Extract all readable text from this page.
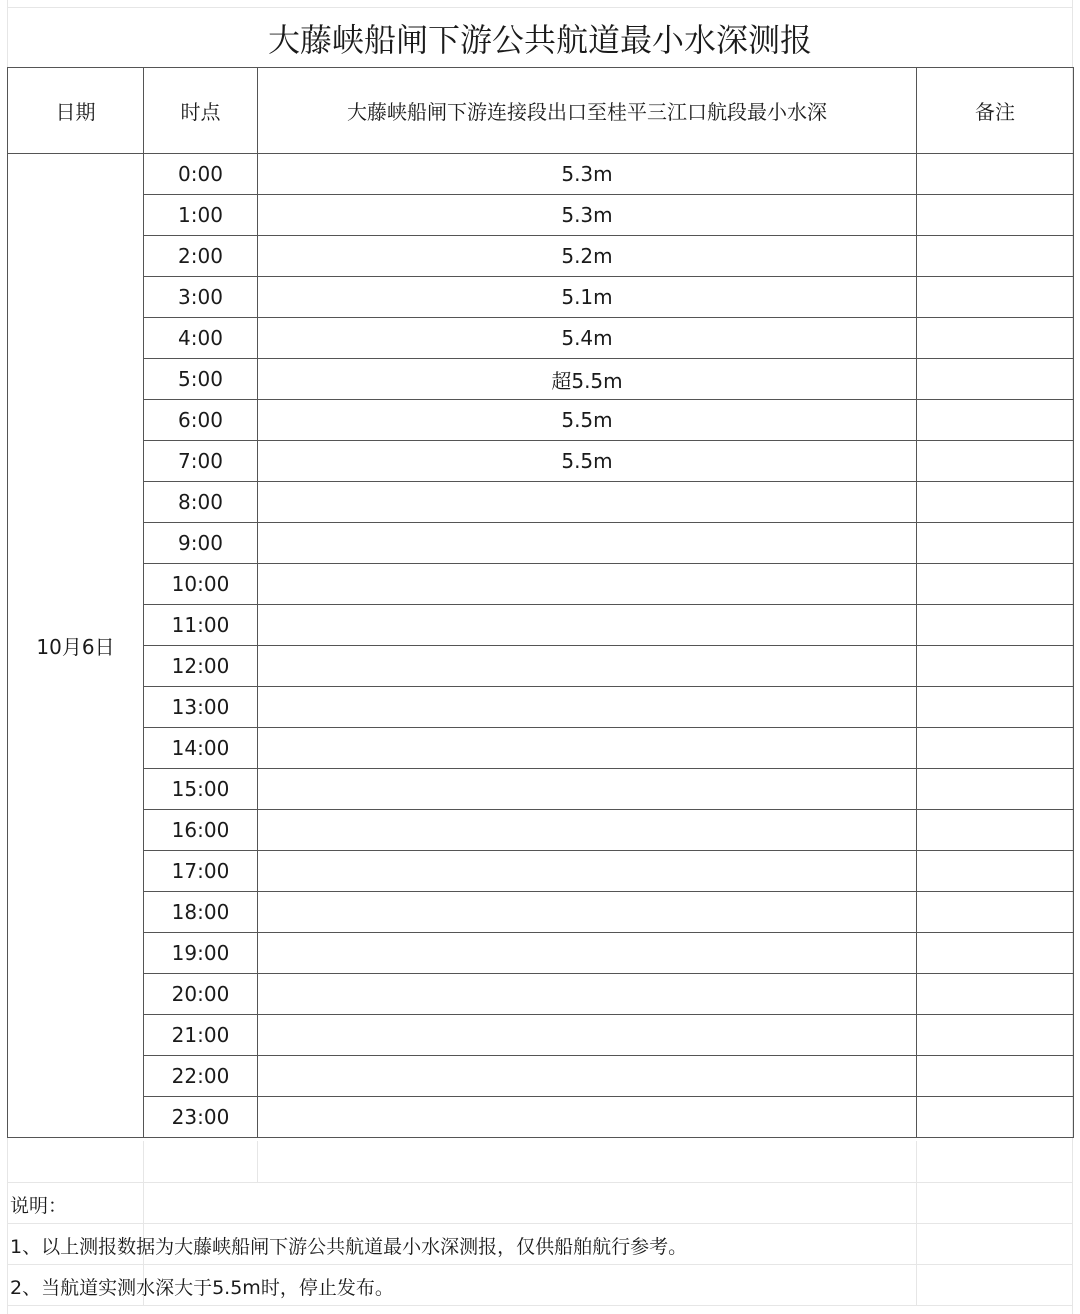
大藤峡船闸下游公共航道最小水深测报
日期	时点	大藤峡船闸下游连接段出口至桂平三江口航段最小水深	备注
10月6日	0:00	5.3m	
	1:00	5.3m	
	2:00	5.2m	
	3:00	5.1m	
	4:00	5.4m	
	5:00	超5.5m	
	6:00	5.5m	
	7:00	5.5m	
	8:00		
	9:00		
	10:00		
	11:00		
	12:00		
	13:00		
	14:00		
	15:00		
	16:00		
	17:00		
	18:00		
	19:00		
	20:00		
	21:00		
	22:00		
	23:00		
说明：
1、以上测报数据为大藤峡船闸下游公共航道最小水深测报，仅供船舶航行参考。
2、当航道实测水深大于5.5m时，停止发布。
